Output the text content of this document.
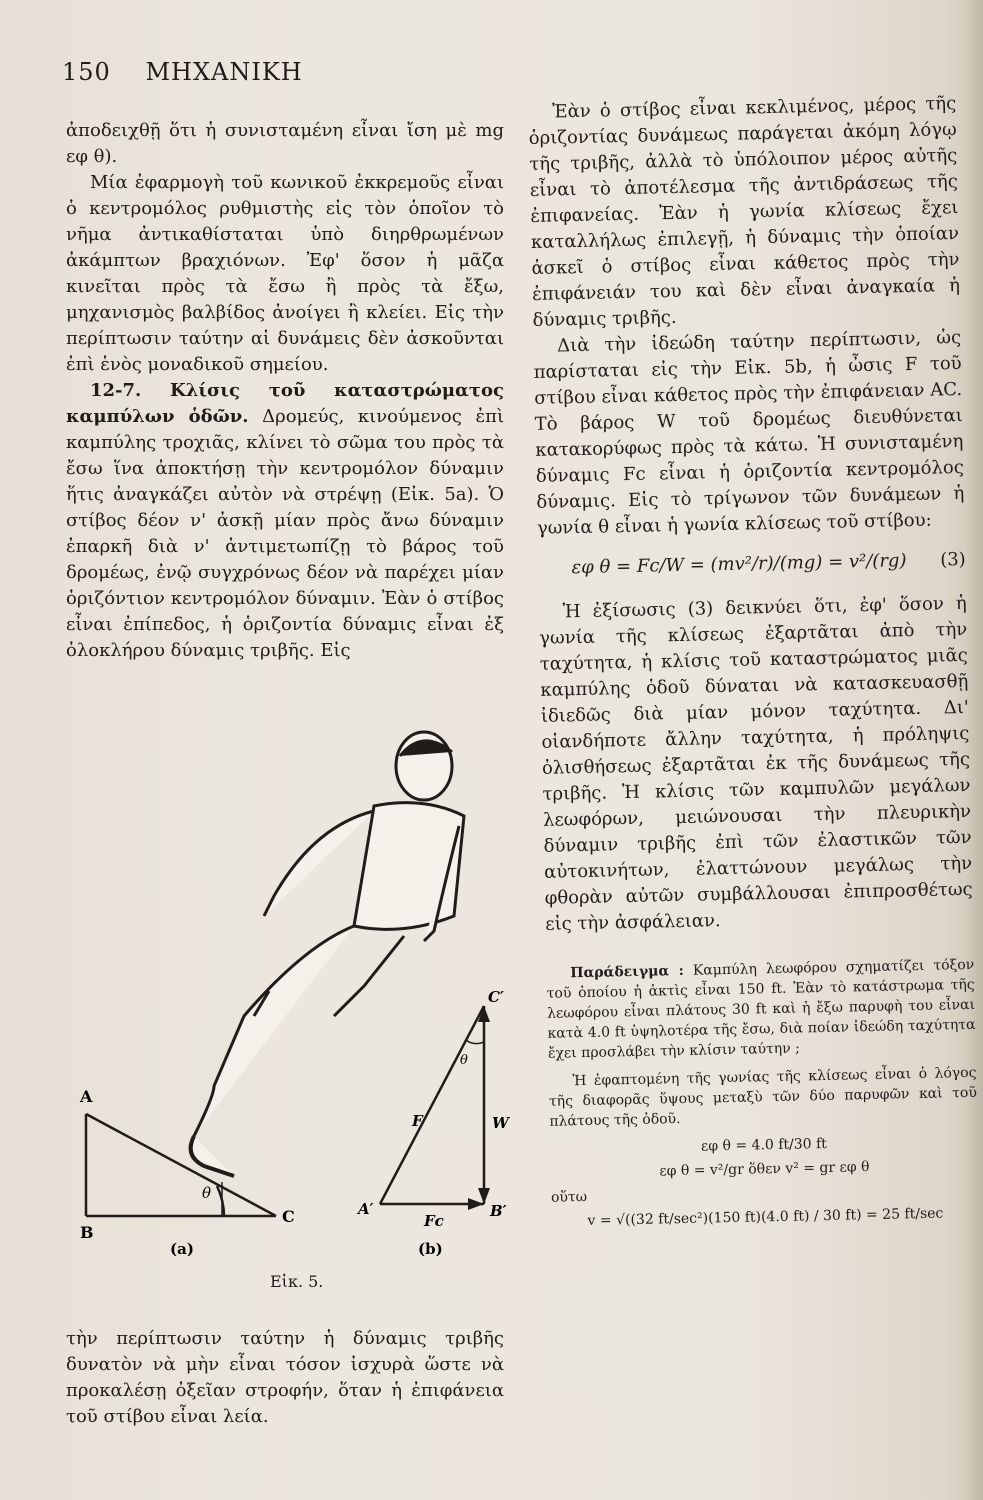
150 ΜΗΧΑΝΙΚΗ

ἀποδειχθῇ ὅτι ἡ συνισταμένη εἶναι ἴση μὲ mg εφ θ).

Μία ἐφαρμογὴ τοῦ κωνικοῦ ἐκκρεμοῦς εἶναι ὁ κεντρομόλος ρυθμιστὴς εἰς τὸν ὁποῖον τὸ νῆμα ἀντικαθίσταται ὑπὸ διηρθρωμένων ἀκάμπτων βραχιόνων. Ἐφ' ὅσον ἡ μᾶζα κινεῖται πρὸς τὰ ἔσω ἢ πρὸς τὰ ἔξω, μηχανισμὸς βαλβίδος ἀνοίγει ἢ κλείει. Εἰς τὴν περίπτωσιν ταύτην αἱ δυνάμεις δὲν ἀσκοῦνται ἐπὶ ἑνὸς μοναδικοῦ σημείου.

12-7. Κλίσις τοῦ καταστρώματος καμπύλων ὁδῶν. Δρομεύς, κινούμενος ἐπὶ καμπύλης τροχιᾶς, κλίνει τὸ σῶμα του πρὸς τὰ ἔσω ἵνα ἀποκτήσῃ τὴν κεντρομόλον δύναμιν ἥτις ἀναγκάζει αὐτὸν νὰ στρέψῃ (Εἰκ. 5a). Ὁ στίβος δέον ν' ἀσκῇ μίαν πρὸς ἄνω δύναμιν ἐπαρκῆ διὰ ν' ἀντιμετωπίζῃ τὸ βάρος τοῦ δρομέως, ἐνῷ συγχρόνως δέον νὰ παρέχει μίαν ὁριζόντιον κεντρομόλον δύναμιν. Ἐὰν ὁ στίβος εἶναι ἐπίπεδος, ἡ ὁριζοντία δύναμις εἶναι ἐξ ὁλοκλήρου δύναμις τριβῆς. Εἰς

A
B
C
θ
(a)
C′
A′	B′
F	W
Fc
θ
(b)
Εἰκ. 5.
τὴν περίπτωσιν ταύτην ἡ δύναμις τριβῆς δυνατὸν νὰ μὴν εἶναι τόσον ἰσχυρὰ ὥστε νὰ προκαλέσῃ ὀξεῖαν στροφήν, ὅταν ἡ ἐπιφάνεια τοῦ στίβου εἶναι λεία.

Ἐὰν ὁ στίβος εἶναι κεκλιμένος, μέρος τῆς ὁριζοντίας δυνάμεως παράγεται ἀκόμη λόγῳ τῆς τριβῆς, ἀλλὰ τὸ ὑπόλοιπον μέρος αὐτῆς εἶναι τὸ ἀποτέλεσμα τῆς ἀντιδράσεως τῆς ἐπιφανείας. Ἐὰν ἡ γωνία κλίσεως ἔχει καταλλήλως ἐπιλεγῇ, ἡ δύναμις τὴν ὁποίαν ἀσκεῖ ὁ στίβος εἶναι κάθετος πρὸς τὴν ἐπιφάνειάν του καὶ δὲν εἶναι ἀναγκαία ἡ δύναμις τριβῆς.

Διὰ τὴν ἰδεώδη ταύτην περίπτωσιν, ὡς παρίσταται εἰς τὴν Εἰκ. 5b, ἡ ὦσις F τοῦ στίβου εἶναι κάθετος πρὸς τὴν ἐπιφάνειαν AC. Τὸ βάρος W τοῦ δρομέως διευθύνεται κατακορύφως πρὸς τὰ κάτω. Ἡ συνισταμένη δύναμις Fc εἶναι ἡ ὁριζοντία κεντρομόλος δύναμις. Εἰς τὸ τρίγωνον τῶν δυνάμεων ἡ γωνία θ εἶναι ἡ γωνία κλίσεως τοῦ στίβου:

εφ θ = Fc/W = (mv²/r)/(mg) = v²/(rg) (3)

Ἡ ἐξίσωσις (3) δεικνύει ὅτι, ἐφ' ὅσον ἡ γωνία τῆς κλίσεως ἐξαρτᾶται ἀπὸ τὴν ταχύτητα, ἡ κλίσις τοῦ καταστρώματος μιᾶς καμπύλης ὁδοῦ δύναται νὰ κατασκευασθῇ ἰδιεδῶς διὰ μίαν μόνον ταχύτητα. Δι' οἱανδήποτε ἄλλην ταχύτητα, ἡ πρόληψις ὀλισθήσεως ἐξαρτᾶται ἐκ τῆς δυνάμεως τῆς τριβῆς. Ἡ κλίσις τῶν καμπυλῶν μεγάλων λεωφόρων, μειώνουσαι τὴν πλευρικὴν δύναμιν τριβῆς ἐπὶ τῶν ἐλαστικῶν τῶν αὐτοκινήτων, ἐλαττώνουν μεγάλως τὴν φθορὰν αὐτῶν συμβάλλουσαι ἐπιπροσθέτως εἰς τὴν ἀσφάλειαν.

Παράδειγμα : Καμπύλη λεωφόρου σχηματίζει τόξον τοῦ ὁποίου ἡ ἀκτὶς εἶναι 150 ft. Ἐὰν τὸ κατάστρωμα τῆς λεωφόρου εἶναι πλάτους 30 ft καὶ ἡ ἔξω παρυφὴ του εἶναι κατὰ 4.0 ft ὑψηλοτέρα τῆς ἔσω, διὰ ποίαν ἰδεώδη ταχύτητα ἔχει προσλάβει τὴν κλίσιν ταύτην ;

Ἡ ἐφαπτομένη τῆς γωνίας τῆς κλίσεως εἶναι ὁ λόγος τῆς διαφορᾶς ὕψους μεταξὺ τῶν δύο παρυφῶν καὶ τοῦ πλάτους τῆς ὁδοῦ.

εφ θ = 4.0 ft/30 ft
εφ θ = v²/gr ὅθεν v² = gr εφ θ
οὕτω
v = √((32 ft/sec²)(150 ft)(4.0 ft) / 30 ft) = 25 ft/sec
